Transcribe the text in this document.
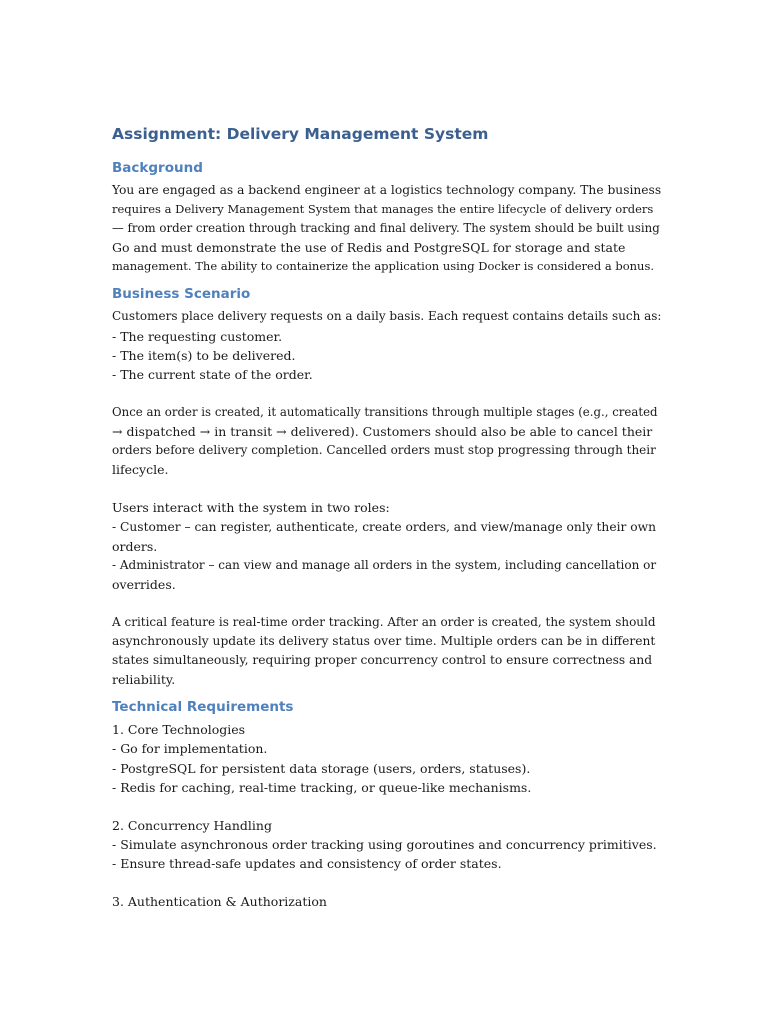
Assignment: Delivery Management System
Background
You are engaged as a backend engineer at a logistics technology company. The business
requires a Delivery Management System that manages the entire lifecycle of delivery orders
— from order creation through tracking and final delivery. The system should be built using
Go and must demonstrate the use of Redis and PostgreSQL for storage and state
management. The ability to containerize the application using Docker is considered a bonus.
Business Scenario
Customers place delivery requests on a daily basis. Each request contains details such as:
- The requesting customer.
- The item(s) to be delivered.
- The current state of the order.
Once an order is created, it automatically transitions through multiple stages (e.g., created
→ dispatched → in transit → delivered). Customers should also be able to cancel their
orders before delivery completion. Cancelled orders must stop progressing through their
lifecycle.
Users interact with the system in two roles:
- Customer – can register, authenticate, create orders, and view/manage only their own
orders.
- Administrator – can view and manage all orders in the system, including cancellation or
overrides.
A critical feature is real-time order tracking. After an order is created, the system should
asynchronously update its delivery status over time. Multiple orders can be in different
states simultaneously, requiring proper concurrency control to ensure correctness and
reliability.
Technical Requirements
1. Core Technologies
- Go for implementation.
- PostgreSQL for persistent data storage (users, orders, statuses).
- Redis for caching, real-time tracking, or queue-like mechanisms.
2. Concurrency Handling
- Simulate asynchronous order tracking using goroutines and concurrency primitives.
- Ensure thread-safe updates and consistency of order states.
3. Authentication & Authorization
